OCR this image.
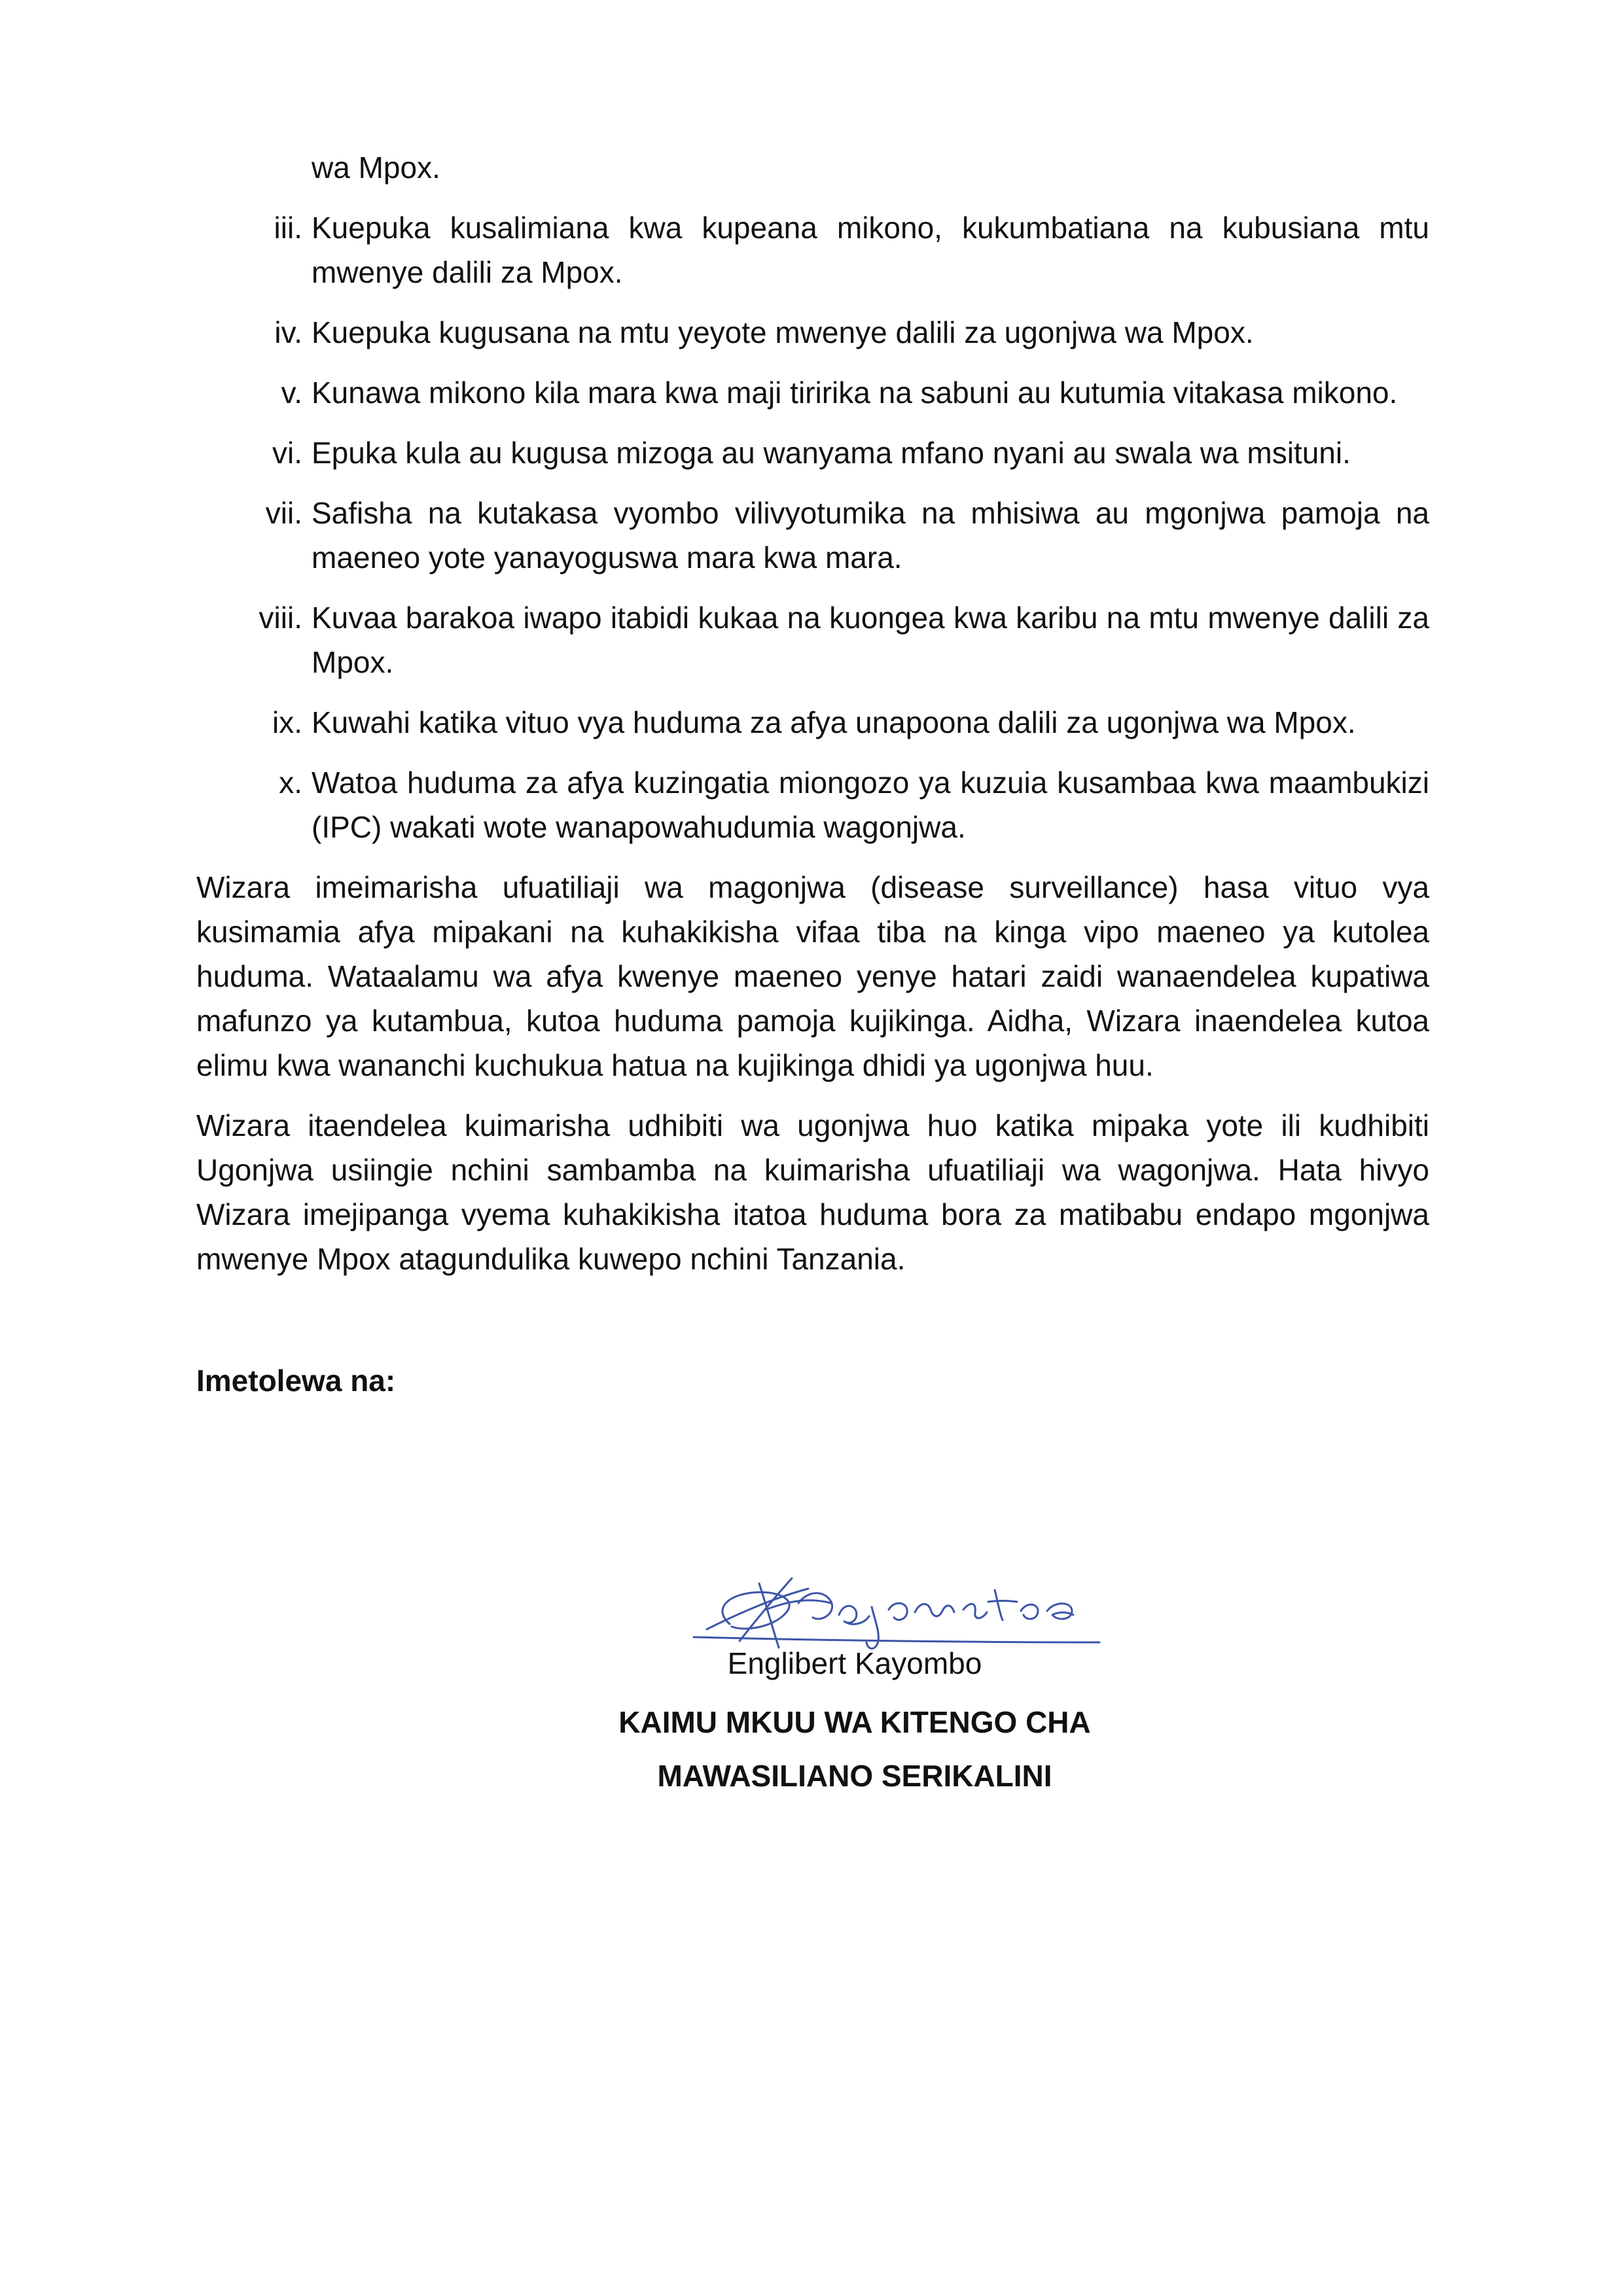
wa Mpox.
iii. Kuepuka kusalimiana kwa kupeana mikono, kukumbatiana na kubusiana mtu mwenye dalili za Mpox.
iv. Kuepuka kugusana na mtu yeyote mwenye dalili za ugonjwa wa Mpox.
v. Kunawa mikono kila mara kwa maji tiririka na sabuni au kutumia vitakasa mikono.
vi. Epuka kula au kugusa mizoga au wanyama mfano nyani au swala wa msituni.
vii. Safisha na kutakasa vyombo vilivyotumika na mhisiwa au mgonjwa pamoja na maeneo yote yanayoguswa mara kwa mara.
viii. Kuvaa barakoa iwapo itabidi kukaa na kuongea kwa karibu na mtu mwenye dalili za Mpox.
ix. Kuwahi katika vituo vya huduma za afya unapoona dalili za ugonjwa wa Mpox.
x. Watoa huduma za afya kuzingatia miongozo ya kuzuia kusambaa kwa maambukizi (IPC) wakati wote wanapowahudumia wagonjwa.

Wizara imeimarisha ufuatiliaji wa magonjwa (disease surveillance) hasa vituo vya kusimamia afya mipakani na kuhakikisha vifaa tiba na kinga vipo maeneo ya kutolea huduma. Wataalamu wa afya kwenye maeneo yenye hatari zaidi wanaendelea kupatiwa mafunzo ya kutambua, kutoa huduma pamoja kujikinga. Aidha, Wizara inaendelea kutoa elimu kwa wananchi kuchukua hatua na kujikinga dhidi ya ugonjwa huu.

Wizara itaendelea kuimarisha udhibiti wa ugonjwa huo katika mipaka yote ili kudhibiti Ugonjwa usiingie nchini sambamba na kuimarisha ufuatiliaji wa wagonjwa. Hata hivyo Wizara imejipanga vyema kuhakikisha itatoa huduma bora za matibabu endapo mgonjwa mwenye Mpox atagundulika kuwepo nchini Tanzania.

Imetolewa na:

Englibert Kayombo
KAIMU MKUU WA KITENGO CHA
MAWASILIANO SERIKALINI
